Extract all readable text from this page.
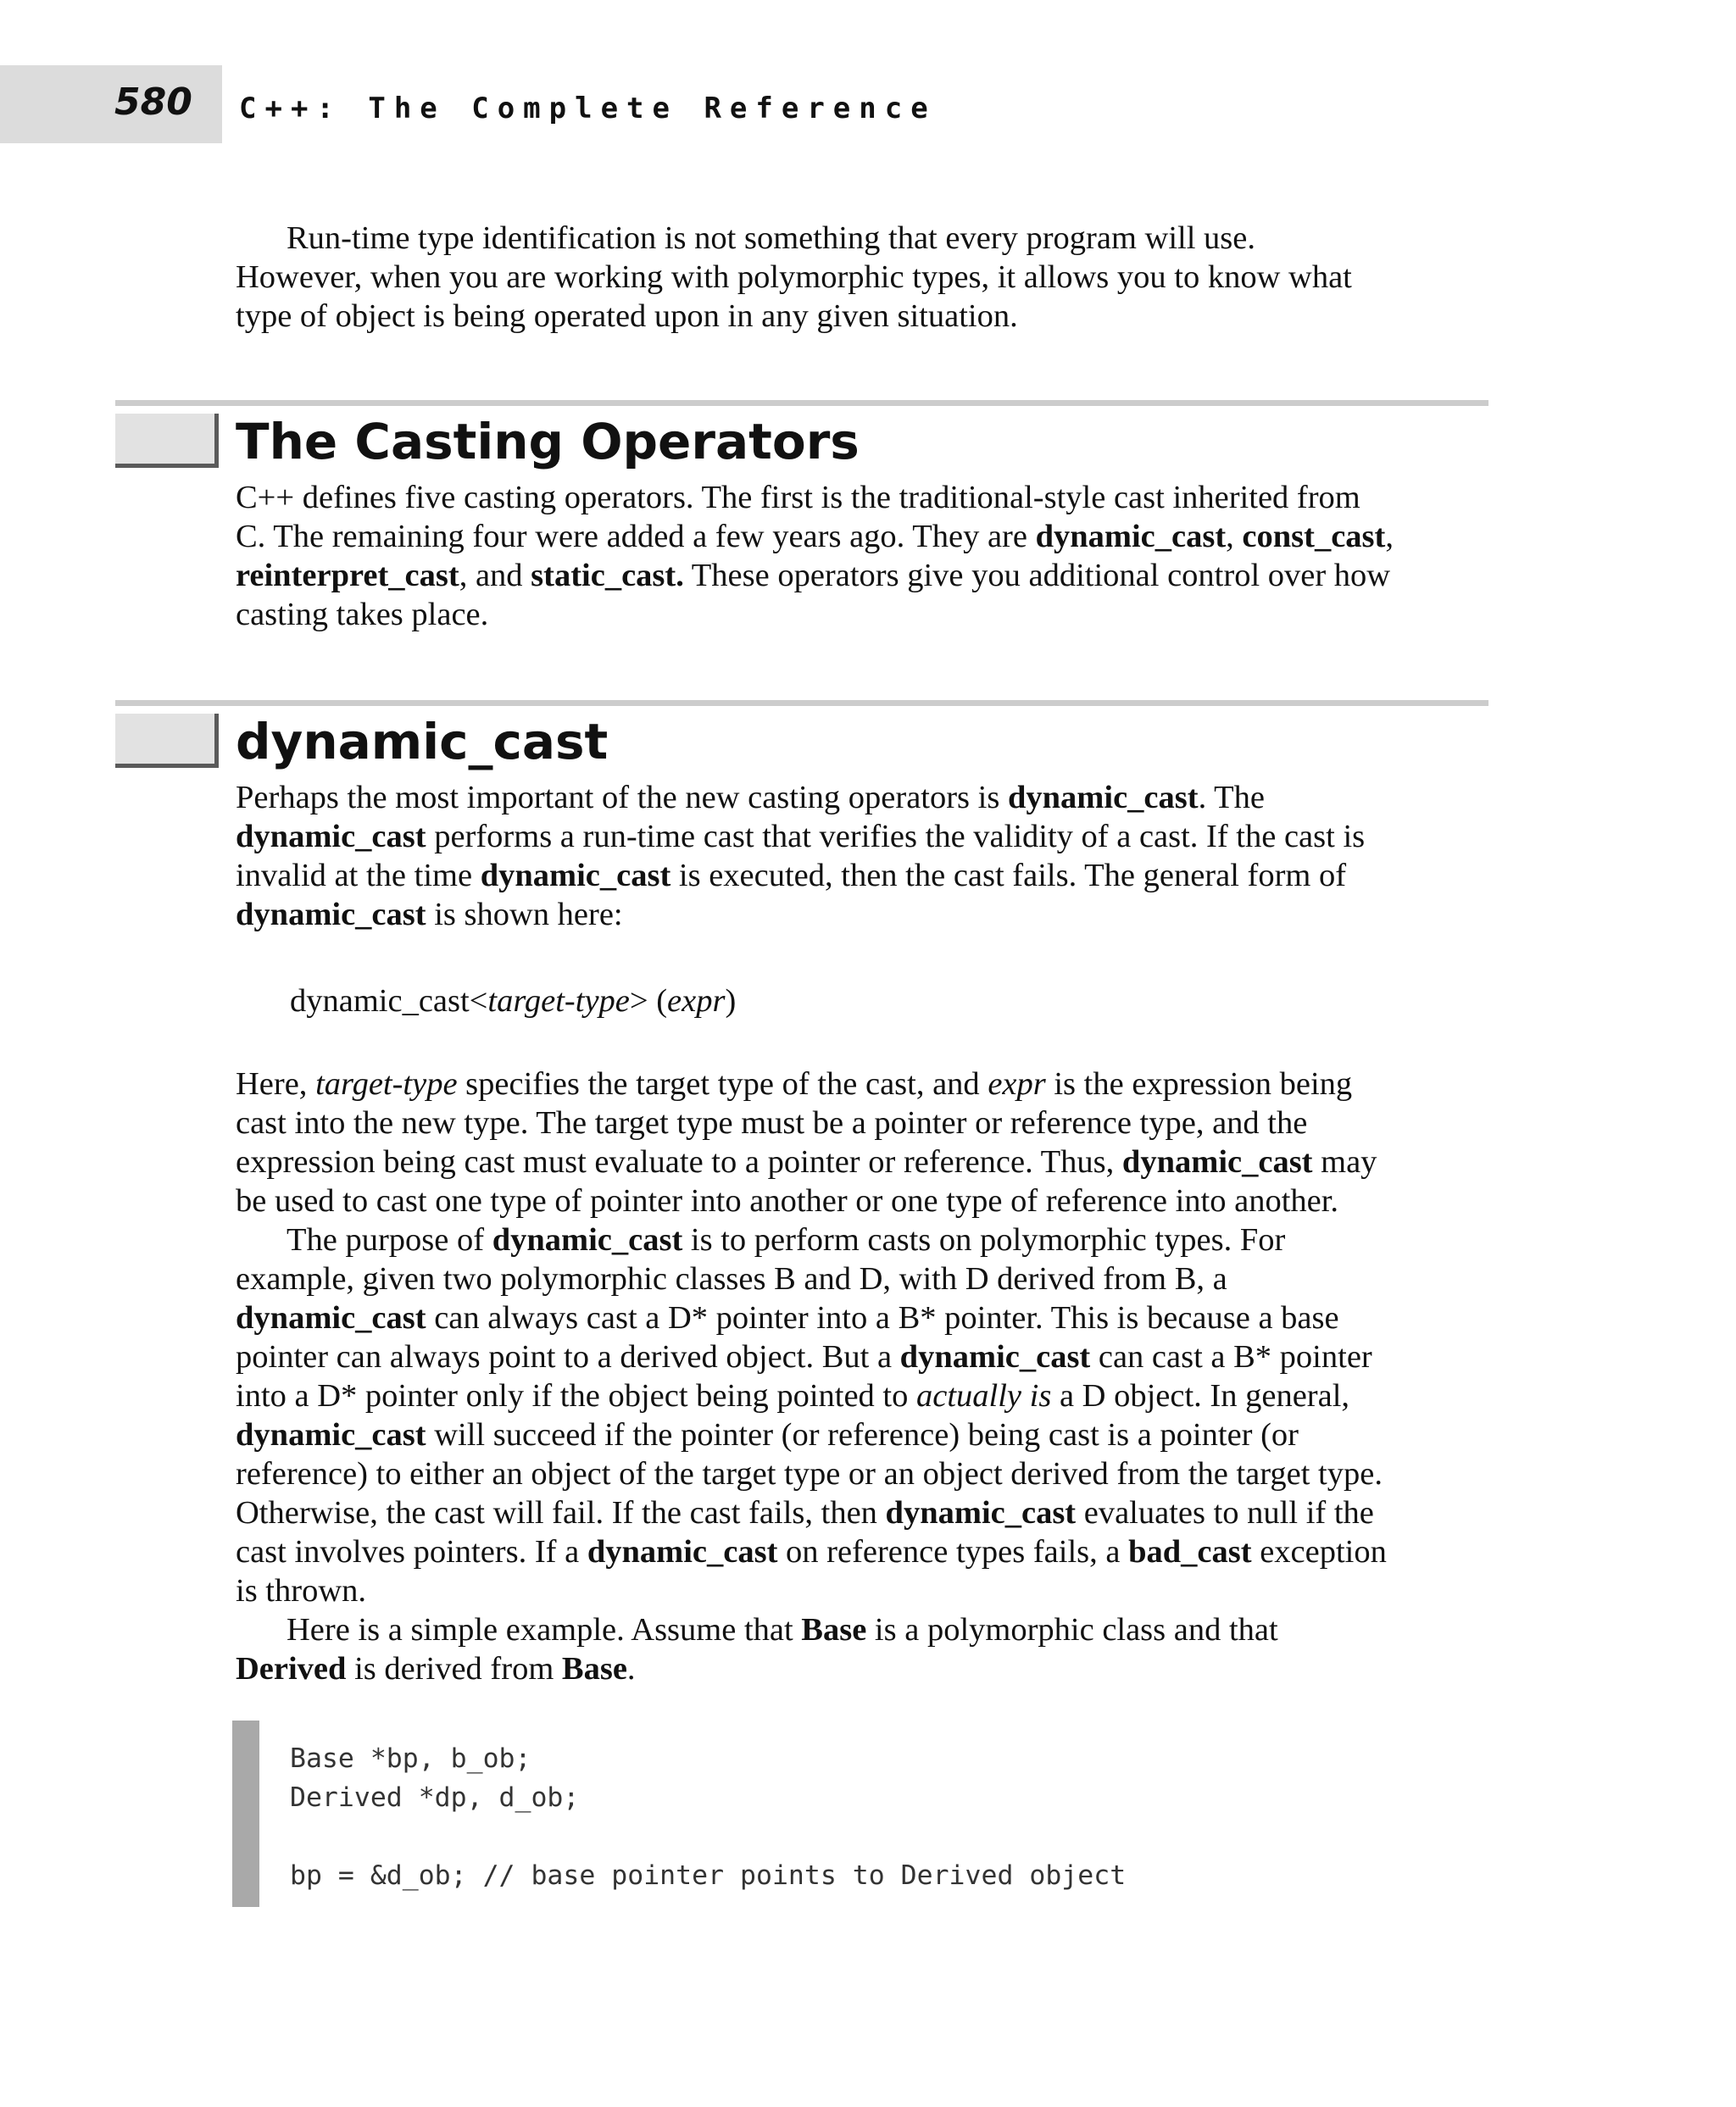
580 C++: The Complete Reference

Run-time type identification is not something that every program will use.
However, when you are working with polymorphic types, it allows you to know what
type of object is being operated upon in any given situation.

The Casting Operators

C++ defines five casting operators. The first is the traditional-style cast inherited from
C. The remaining four were added a few years ago. They are dynamic_cast, const_cast,
reinterpret_cast, and static_cast. These operators give you additional control over how
casting takes place.

dynamic_cast

Perhaps the most important of the new casting operators is dynamic_cast. The
dynamic_cast performs a run-time cast that verifies the validity of a cast. If the cast is
invalid at the time dynamic_cast is executed, then the cast fails. The general form of
dynamic_cast is shown here:

dynamic_cast<target-type> (expr)

Here, target-type specifies the target type of the cast, and expr is the expression being
cast into the new type. The target type must be a pointer or reference type, and the
expression being cast must evaluate to a pointer or reference. Thus, dynamic_cast may
be used to cast one type of pointer into another or one type of reference into another.
The purpose of dynamic_cast is to perform casts on polymorphic types. For
example, given two polymorphic classes B and D, with D derived from B, a
dynamic_cast can always cast a D* pointer into a B* pointer. This is because a base
pointer can always point to a derived object. But a dynamic_cast can cast a B* pointer
into a D* pointer only if the object being pointed to actually is a D object. In general,
dynamic_cast will succeed if the pointer (or reference) being cast is a pointer (or
reference) to either an object of the target type or an object derived from the target type.
Otherwise, the cast will fail. If the cast fails, then dynamic_cast evaluates to null if the
cast involves pointers. If a dynamic_cast on reference types fails, a bad_cast exception
is thrown.
Here is a simple example. Assume that Base is a polymorphic class and that
Derived is derived from Base.

Base *bp, b_ob;
Derived *dp, d_ob;
bp = &d_ob; // base pointer points to Derived object
